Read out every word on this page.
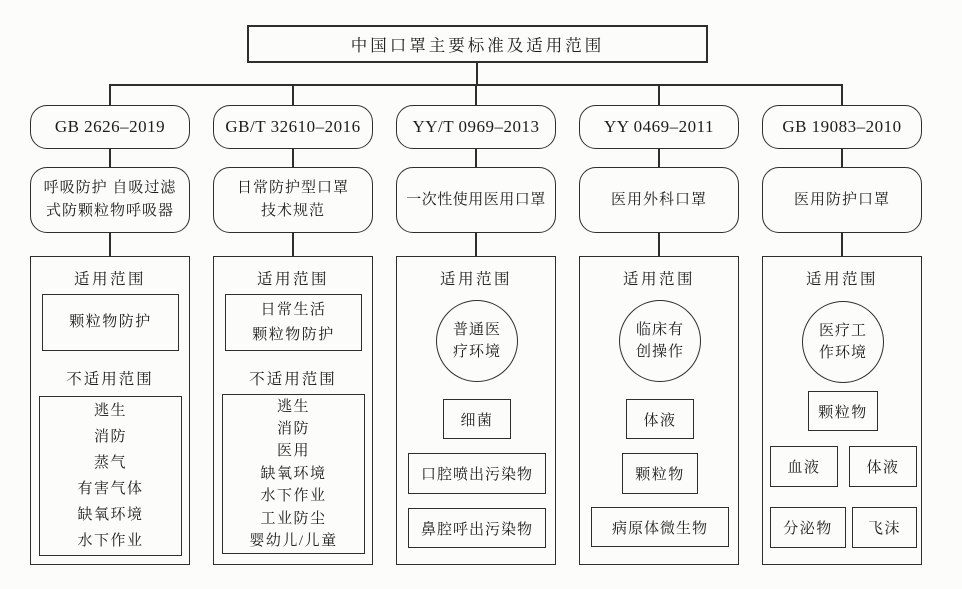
中国口罩主要标准及适用范围
GB 2626–2019
呼吸防护 自吸过滤
式防颗粒物呼吸器
适用范围
颗粒物防护
不适用范围
逃生
消防
蒸气
有害气体
缺氧环境
水下作业
GB/T 32610–2016
日常防护型口罩
技术规范
适用范围
日常生活
颗粒物防护
不适用范围
逃生
消防
医用
缺氧环境
水下作业
工业防尘
婴幼儿/儿童
YY/T 0969–2013
一次性使用医用口罩
适用范围
普通医
疗环境
细菌
口腔喷出污染物
鼻腔呼出污染物
YY 0469–2011
医用外科口罩
适用范围
临床有
创操作
体液
颗粒物
病原体微生物
GB 19083–2010
医用防护口罩
适用范围
医疗工
作环境
颗粒物
血液	体液
分泌物 飞沫
